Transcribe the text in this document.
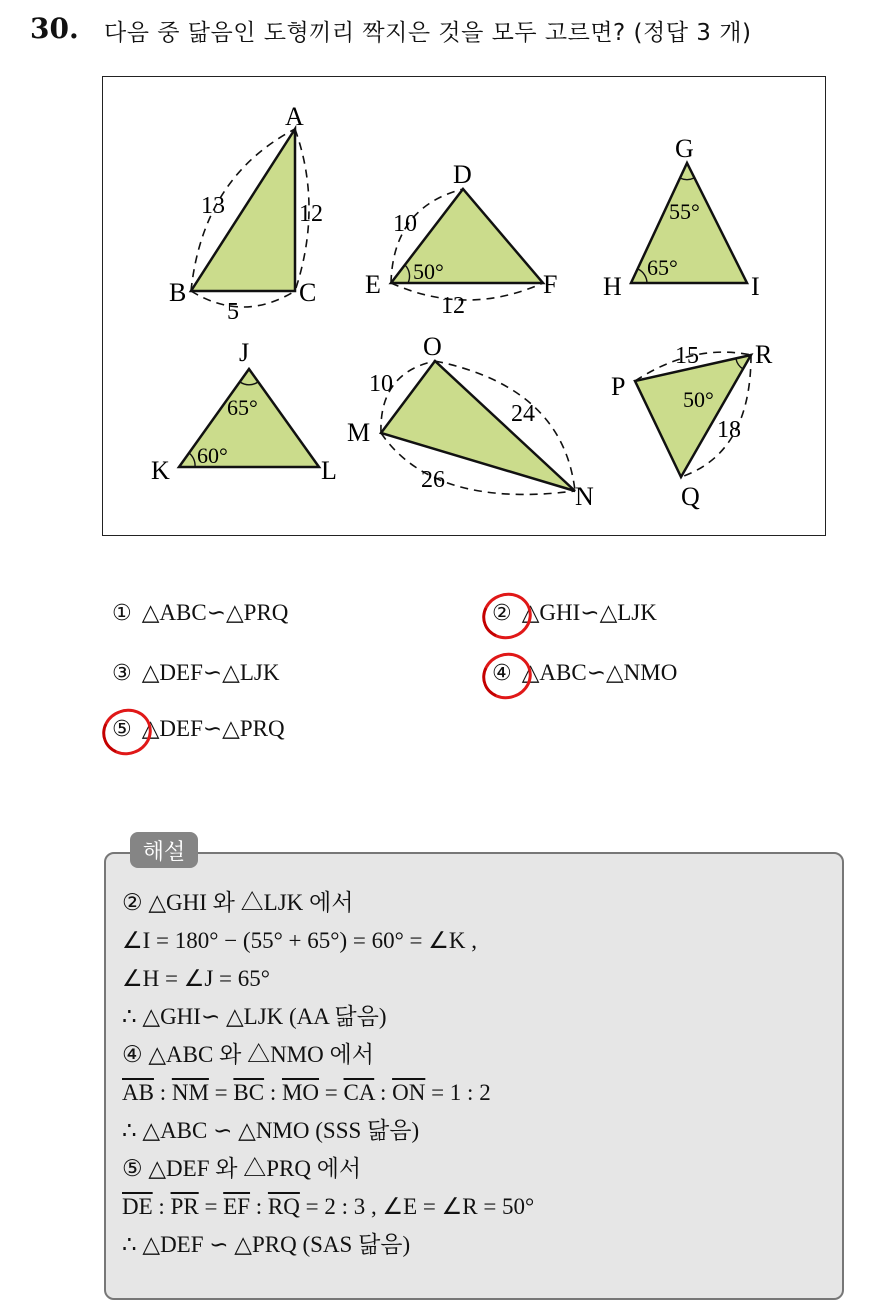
30. 다음 중 닮음인 도형끼리 짝지은 것을 모두 고르면? (정답 3 개)
A
B	C
13	12
5
D
E	F
10
12
50°
G
H	I
55°
65°
J
K	L
65°
60°
O
M
N
10
24
26
P
R
Q
15
18
50°
① △ABC∽△PRQ	② △GHI∽△LJK
③ △DEF∽△LJK	④ △ABC∽△NMO
⑤ △DEF∽△PRQ
해설
② △GHI 와 △LJK 에서
∠I = 180° − (55° + 65°) = 60° = ∠K ,
∠H = ∠J = 65°
∴ △GHI∽ △LJK (AA 닮음)
④ △ABC 와 △NMO 에서
$\overline{AB}$ : $\overline{NM} = \overline{BC}$ : $\overline{MO} = \overline{CA}$ : $\overline{ON} = 1$ : 2
∴ △ABC ∽ △NMO (SSS 닮음)
⑤ △DEF 와 △PRQ 에서
$\overline{DE}$ : $\overline{PR} = \overline{EF}$ : $\overline{RQ} = 2$ : 3 , ∠E = ∠R = 50°
∴ △DEF ∽ △PRQ (SAS 닮음)
